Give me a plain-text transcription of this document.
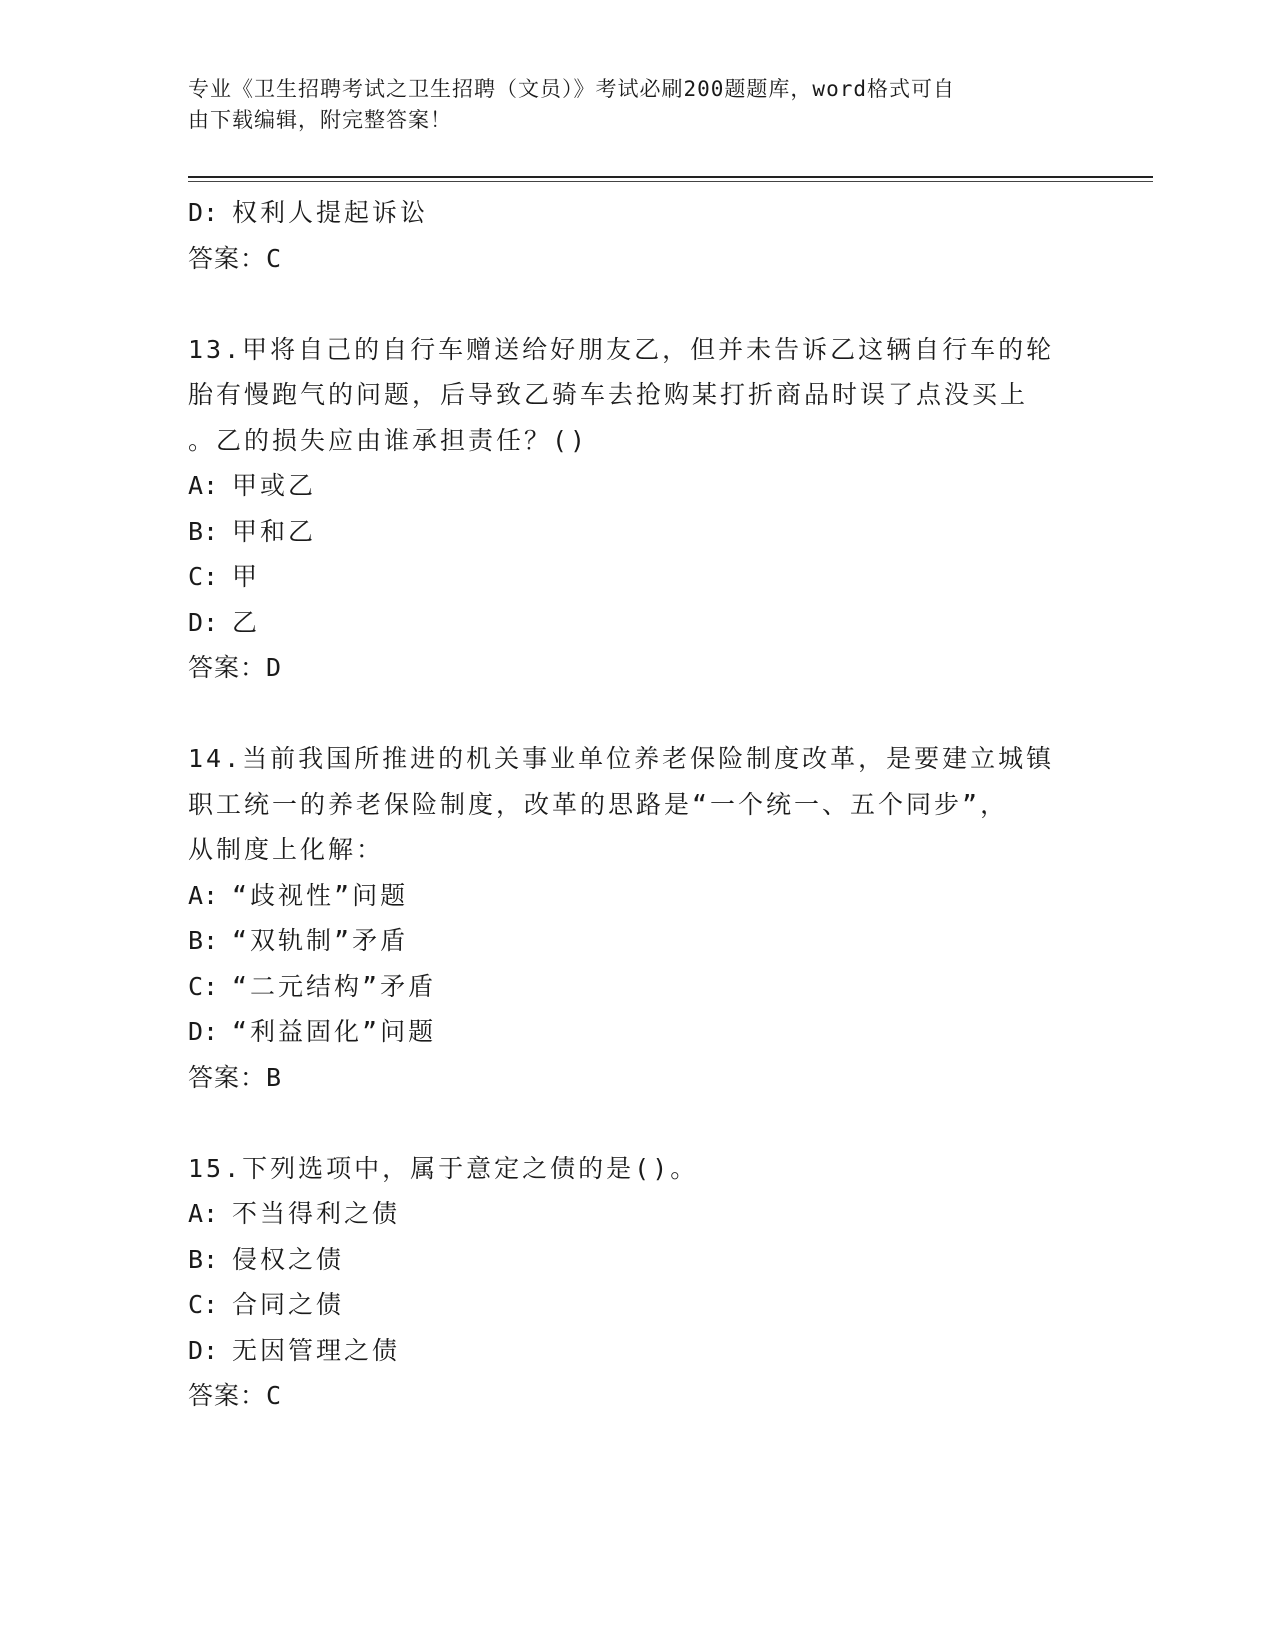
专业《卫生招聘考试之卫生招聘（文员）》考试必刷200题题库，word格式可自
由下载编辑，附完整答案！
D: 权利人提起诉讼
答案：C
13.甲将自己的自行车赠送给好朋友乙，但并未告诉乙这辆自行车的轮
胎有慢跑气的问题，后导致乙骑车去抢购某打折商品时误了点没买上
。乙的损失应由谁承担责任？()
A: 甲或乙
B: 甲和乙
C: 甲
D: 乙
答案：D
14.当前我国所推进的机关事业单位养老保险制度改革，是要建立城镇
职工统一的养老保险制度，改革的思路是“一个统一、五个同步”，
从制度上化解：
A: “歧视性”问题
B: “双轨制”矛盾
C: “二元结构”矛盾
D: “利益固化”问题
答案：B
15.下列选项中，属于意定之债的是()。
A: 不当得利之债
B: 侵权之债
C: 合同之债
D: 无因管理之债
答案：C
